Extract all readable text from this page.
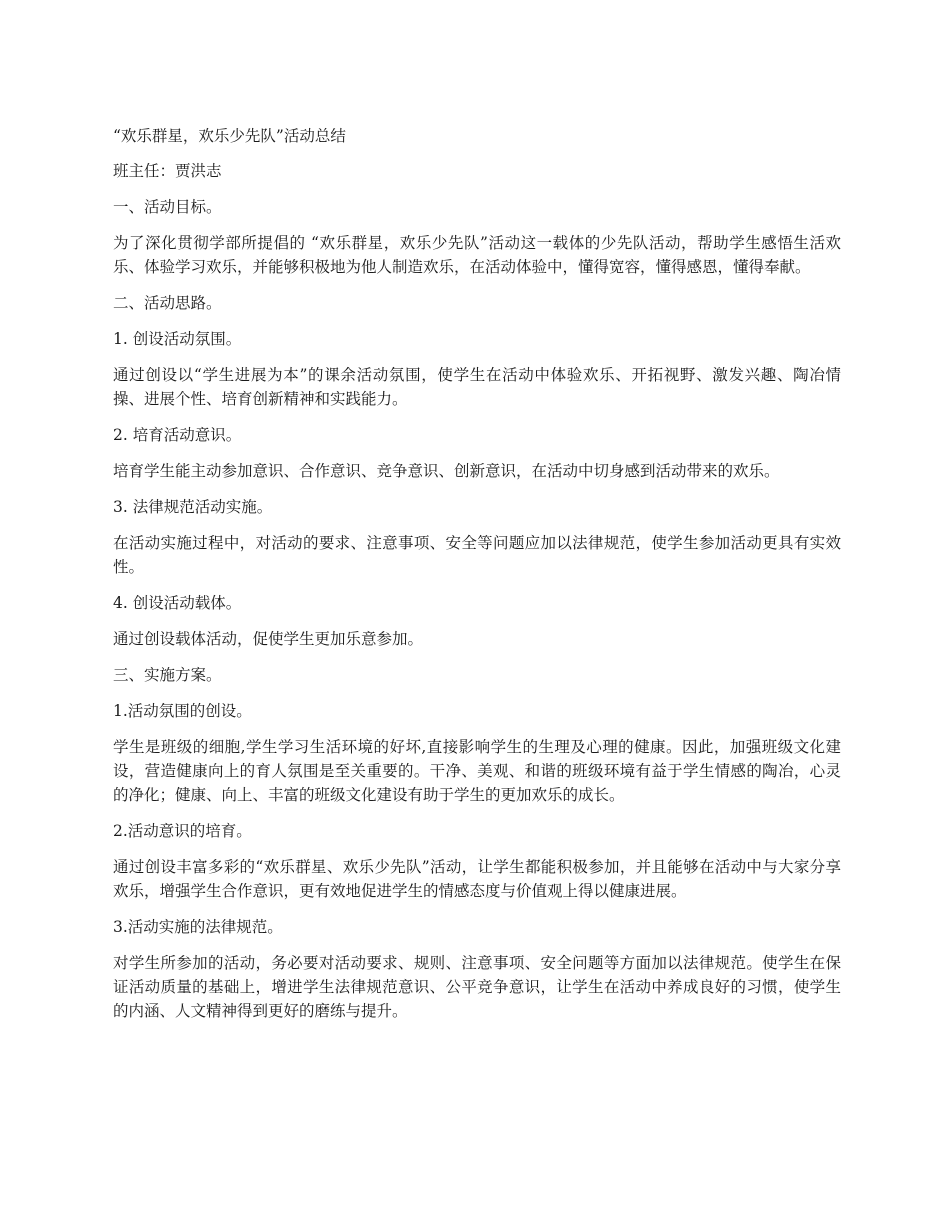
“欢乐群星，欢乐少先队”活动总结

班主任：贾洪志

一、活动目标。

为了深化贯彻学部所提倡的 “欢乐群星，欢乐少先队”活动这一载体的少先队活动，帮助学生感悟生活欢乐、体验学习欢乐，并能够积极地为他人制造欢乐，在活动体验中，懂得宽容，懂得感恩，懂得奉献。

二、活动思路。

1. 创设活动氛围。

通过创设以“学生进展为本”的课余活动氛围，使学生在活动中体验欢乐、开拓视野、激发兴趣、陶冶情操、进展个性、培育创新精神和实践能力。

2. 培育活动意识。

培育学生能主动参加意识、合作意识、竞争意识、创新意识，在活动中切身感到活动带来的欢乐。

3. 法律规范活动实施。

在活动实施过程中，对活动的要求、注意事项、安全等问题应加以法律规范，使学生参加活动更具有实效性。

4. 创设活动载体。

通过创设载体活动，促使学生更加乐意参加。

三、实施方案。

1.活动氛围的创设。

学生是班级的细胞,学生学习生活环境的好坏,直接影响学生的生理及心理的健康。因此，加强班级文化建设，营造健康向上的育人氛围是至关重要的。干净、美观、和谐的班级环境有益于学生情感的陶冶，心灵的净化；健康、向上、丰富的班级文化建设有助于学生的更加欢乐的成长。

2.活动意识的培育。

通过创设丰富多彩的“欢乐群星、欢乐少先队”活动，让学生都能积极参加，并且能够在活动中与大家分享欢乐，增强学生合作意识，更有效地促进学生的情感态度与价值观上得以健康进展。

3.活动实施的法律规范。

对学生所参加的活动，务必要对活动要求、规则、注意事项、安全问题等方面加以法律规范。使学生在保证活动质量的基础上，增进学生法律规范意识、公平竞争意识，让学生在活动中养成良好的习惯，使学生的内涵、人文精神得到更好的磨练与提升。
